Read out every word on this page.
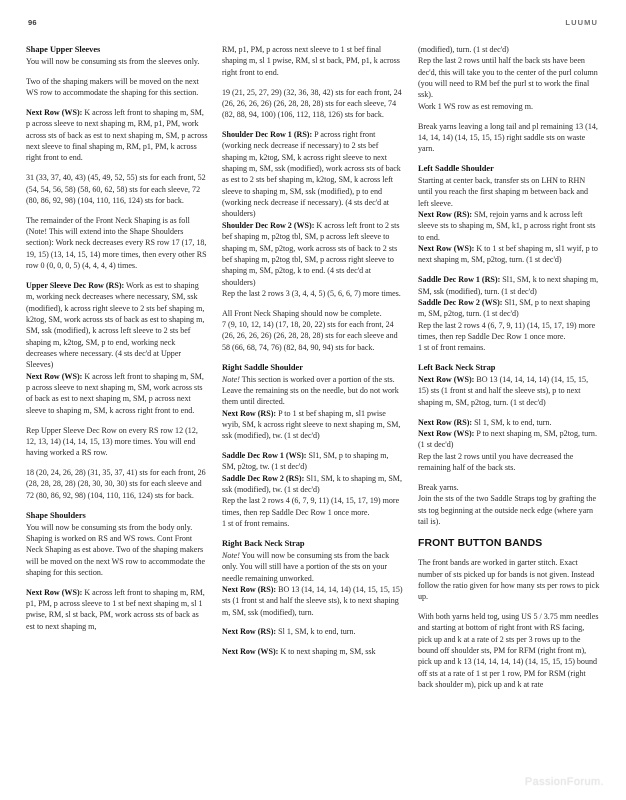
96	LUUMU
Shape Upper Sleeves

You will now be consuming sts from the sleeves only.

Two of the shaping makers will be moved on the next WS row to accommodate the shaping for this section.

Next Row (WS): K across left front to shaping m, SM, p across sleeve to next shaping m, RM, p1, PM, work across sts of back as est to next shaping m, SM, p across next sleeve to final shaping m, RM, p1, PM, k across right front to end.

31 (33, 37, 40, 43) (45, 49, 52, 55) sts for each front, 52 (54, 54, 56, 58) (58, 60, 62, 58) sts for each sleeve, 72 (80, 86, 92, 98) (104, 110, 116, 124) sts for back.

The remainder of the Front Neck Shaping is as foll (Note! This will extend into the Shape Shoulders section): Work neck decreases every RS row 17 (17, 18, 19, 15) (13, 14, 15, 14) more times, then every other RS row 0 (0, 0, 0, 5) (4, 4, 4, 4) times.

Upper Sleeve Dec Row (RS): Work as est to shaping m, working neck decreases where necessary, SM, ssk (modified), k across right sleeve to 2 sts bef shaping m, k2tog, SM, work across sts of back as est to shaping m, SM, ssk (modified), k across left sleeve to 2 sts bef shaping m, k2tog, SM, p to end, working neck decreases where necessary. (4 sts dec'd at Upper Sleeves)

Next Row (WS): K across left front to shaping m, SM, p across sleeve to next shaping m, SM, work across sts of back as est to next shaping m, SM, p across next sleeve to shaping m, SM, k across right front to end.

Rep Upper Sleeve Dec Row on every RS row 12 (12, 12, 13, 14) (14, 14, 15, 13) more times. You will end having worked a RS row.

18 (20, 24, 26, 28) (31, 35, 37, 41) sts for each front, 26 (28, 28, 28, 28) (28, 30, 30, 30) sts for each sleeve and 72 (80, 86, 92, 98) (104, 110, 116, 124) sts for back.

Shape Shoulders

You will now be consuming sts from the body only. Shaping is worked on RS and WS rows. Cont Front Neck Shaping as est above. Two of the shaping makers will be moved on the next WS row to accommodate the shaping for this section.

Next Row (WS): K across left front to shaping m, RM, p1, PM, p across sleeve to 1 st bef next shaping m, sl 1 pwise, RM, sl st back, PM, work across sts of back as est to next shaping m,

RM, p1, PM, p across next sleeve to 1 st bef final shaping m, sl 1 pwise, RM, sl st back, PM, p1, k across right front to end.

19 (21, 25, 27, 29) (32, 36, 38, 42) sts for each front, 24 (26, 26, 26, 26) (26, 28, 28, 28) sts for each sleeve, 74 (82, 88, 94, 100) (106, 112, 118, 126) sts for back.

Shoulder Dec Row 1 (RS): P across right front (working neck decrease if necessary) to 2 sts bef shaping m, k2tog, SM, k across right sleeve to next shaping m, SM, ssk (modified), work across sts of back as est to 2 sts bef shaping m, k2tog, SM, k across left sleeve to shaping m, SM, ssk (modified), p to end (working neck decrease if necessary). (4 sts dec'd at shoulders)

Shoulder Dec Row 2 (WS): K across left front to 2 sts bef shaping m, p2tog tbl, SM, p across left sleeve to shaping m, SM, p2tog, work across sts of back to 2 sts bef shaping m, p2tog tbl, SM, p across right sleeve to shaping m, SM, p2tog, k to end. (4 sts dec'd at shoulders)

Rep the last 2 rows 3 (3, 4, 4, 5) (5, 6, 6, 7) more times.

All Front Neck Shaping should now be complete.

7 (9, 10, 12, 14) (17, 18, 20, 22) sts for each front, 24 (26, 26, 26, 26) (26, 28, 28, 28) sts for each sleeve and 58 (66, 68, 74, 76) (82, 84, 90, 94) sts for back.

Right Saddle Shoulder

Note! This section is worked over a portion of the sts. Leave the remaining sts on the needle, but do not work them until directed.

Next Row (RS): P to 1 st bef shaping m, sl1 pwise wyib, SM, k across right sleeve to next shaping m, SM, ssk (modified), tw. (1 st dec'd)

Saddle Dec Row 1 (WS): Sl1, SM, p to shaping m, SM, p2tog, tw. (1 st dec'd)

Saddle Dec Row 2 (RS): Sl1, SM, k to shaping m, SM, ssk (modified), tw. (1 st dec'd)

Rep the last 2 rows 4 (6, 7, 9, 11) (14, 15, 17, 19) more times, then rep Saddle Dec Row 1 once more.

1 st of front remains.

Right Back Neck Strap

Note! You will now be consuming sts from the back only. You will still have a portion of the sts on your needle remaining unworked.

Next Row (RS): BO 13 (14, 14, 14, 14) (14, 15, 15, 15) sts (1 front st and half the sleeve sts), k to next shaping m, SM, ssk (modified), turn.

Next Row (RS): Sl 1, SM, k to end, turn.

Next Row (WS): K to next shaping m, SM, ssk

(modified), turn. (1 st dec'd)

Rep the last 2 rows until half the back sts have been dec'd, this will take you to the center of the purl column (you will need to RM bef the purl st to work the final ssk).

Work 1 WS row as est removing m.

Break yarns leaving a long tail and pl remaining 13 (14, 14, 14, 14) (14, 15, 15, 15) right saddle sts on waste yarn.

Left Saddle Shoulder

Starting at center back, transfer sts on LHN to RHN until you reach the first shaping m between back and left sleeve.

Next Row (RS): SM, rejoin yarns and k across left sleeve sts to shaping m, SM, k1, p across right front sts to end.

Next Row (WS): K to 1 st bef shaping m, sl1 wyif, p to next shaping m, SM, p2tog, turn. (1 st dec'd)

Saddle Dec Row 1 (RS): Sl1, SM, k to next shaping m, SM, ssk (modified), turn. (1 st dec'd)

Saddle Dec Row 2 (WS): Sl1, SM, p to next shaping m, SM, p2tog, turn. (1 st dec'd)

Rep the last 2 rows 4 (6, 7, 9, 11) (14, 15, 17, 19) more times, then rep Saddle Dec Row 1 once more.

1 st of front remains.

Left Back Neck Strap

Next Row (WS): BO 13 (14, 14, 14, 14) (14, 15, 15, 15) sts (1 front st and half the sleeve sts), p to next shaping m, SM, p2tog, turn. (1 st dec'd)

Next Row (RS): Sl 1, SM, k to end, turn.

Next Row (WS): P to next shaping m, SM, p2tog, turn. (1 st dec'd)

Rep the last 2 rows until you have decreased the remaining half of the back sts.

Break yarns.

Join the sts of the two Saddle Straps tog by grafting the sts tog beginning at the outside neck edge (where yarn tail is).

FRONT BUTTON BANDS

The front bands are worked in garter stitch. Exact number of sts picked up for bands is not given. Instead follow the ratio given for how many sts per rows to pick up.

With both yarns held tog, using US 5 / 3.75 mm needles and starting at bottom of right front with RS facing, pick up and k at a rate of 2 sts per 3 rows up to the bound off shoulder sts, PM for RFM (right front m), pick up and k 13 (14, 14, 14, 14) (14, 15, 15, 15) bound off sts at a rate of 1 st per 1 row, PM for RSM (right back shoulder m), pick up and k at rate

PassionForum.
